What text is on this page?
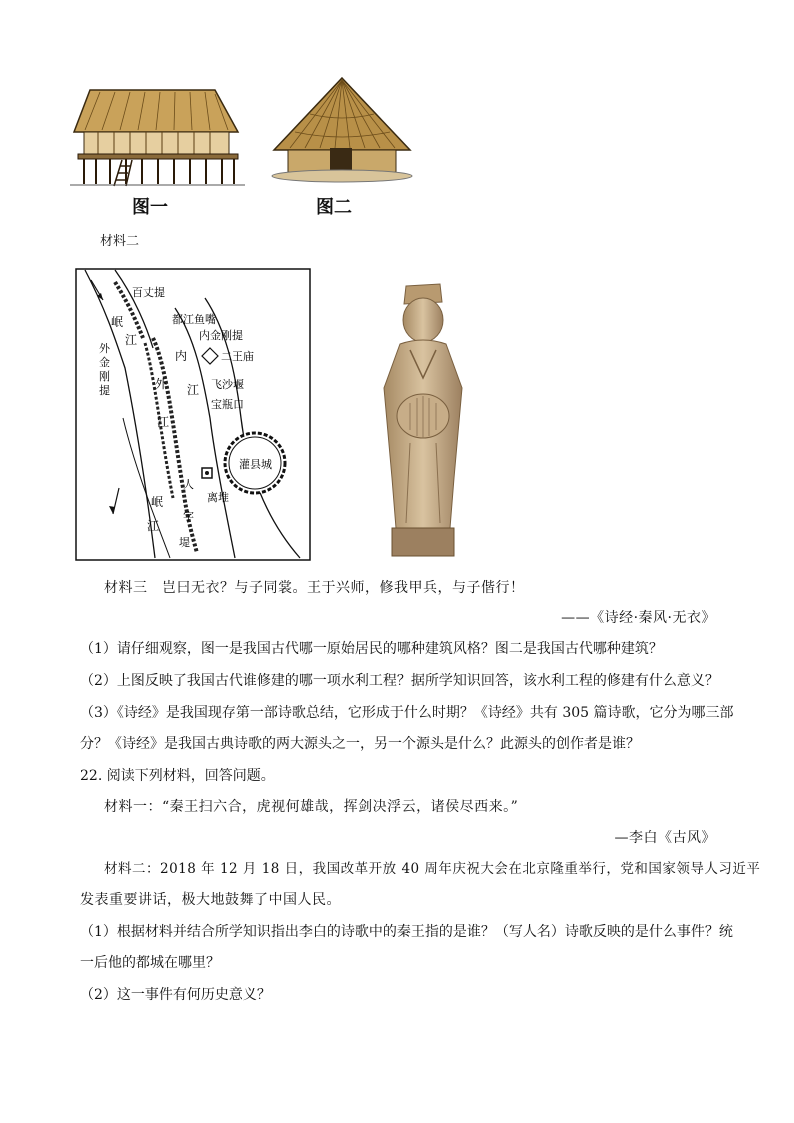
图一	图二
材料二
百丈提
岷
江
都江鱼嘴
内金刚提
二王庙
外
金
刚
提
内
江
外
江
飞沙堰
宝瓶口
灌县城
离堆
人
字
堤
岷
江
材料三　岂曰无衣？与子同裳。王于兴师，修我甲兵，与子偕行！
——《诗经·秦风·无衣》
（1）请仔细观察，图一是我国古代哪一原始居民的哪种建筑风格？图二是我国古代哪种建筑？
（2）上图反映了我国古代谁修建的哪一项水利工程？据所学知识回答，该水利工程的修建有什么意义？
（3）《诗经》是我国现存第一部诗歌总结，它形成于什么时期？《诗经》共有 305 篇诗歌，它分为哪三部
分？《诗经》是我国古典诗歌的两大源头之一，另一个源头是什么？此源头的创作者是谁？
22. 阅读下列材料，回答问题。
材料一：“秦王扫六合，虎视何雄哉，挥剑决浮云，诸侯尽西来。”
—李白《古风》
材料二：2018 年 12 月 18 日，我国改革开放 40 周年庆祝大会在北京隆重举行，党和国家领导人习近平
发表重要讲话，极大地鼓舞了中国人民。
（1）根据材料并结合所学知识指出李白的诗歌中的秦王指的是谁？（写人名）诗歌反映的是什么事件？统
一后他的都城在哪里？
（2）这一事件有何历史意义？
